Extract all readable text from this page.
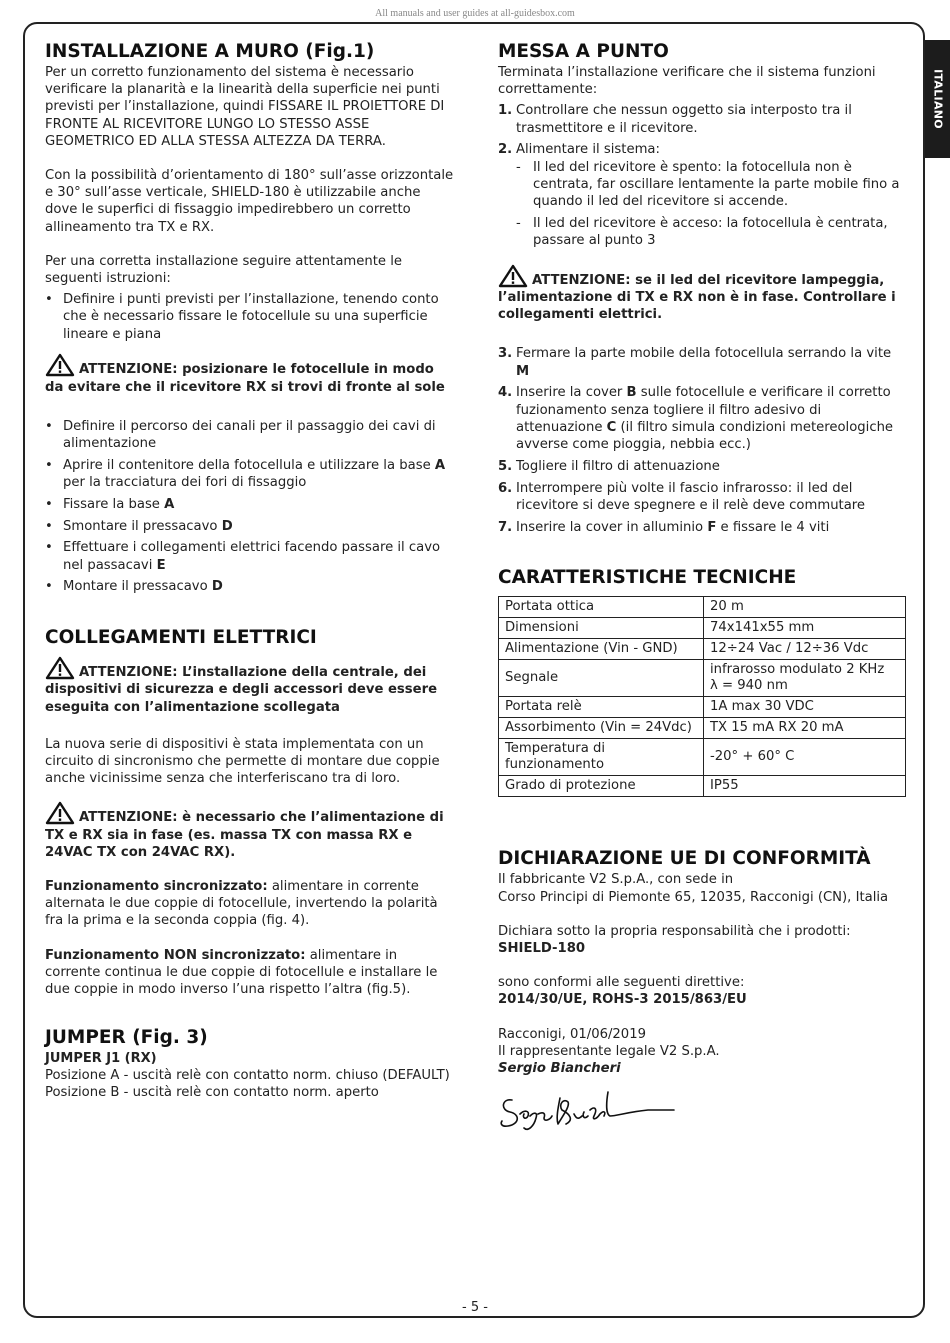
All manuals and user guides at all-guidesbox.com
ITALIANO
INSTALLAZIONE A MURO (Fig.1)

Per un corretto funzionamento del sistema è necessario verificare la planarità e la linearità della superficie nei punti previsti per l’installazione, quindi FISSARE IL PROIETTORE DI FRONTE AL RICEVITORE LUNGO LO STESSO ASSE GEOMETRICO ED ALLA STESSA ALTEZZA DA TERRA.

Con la possibilità d’orientamento di 180° sull’asse orizzontale e 30° sull’asse verticale, SHIELD-180 è utilizzabile anche dove le superfici di fissaggio impedirebbero un corretto allineamento tra TX e RX.

Per una corretta installazione seguire attentamente le seguenti istruzioni:

• Definire i punti previsti per l’installazione, tenendo conto che è necessario fissare le fotocellule su una superficie lineare e piana

ATTENZIONE: posizionare le fotocellule in modo da evitare che il ricevitore RX si trovi di fronte al sole

• Definire il percorso dei canali per il passaggio dei cavi di alimentazione
• Aprire il contenitore della fotocellula e utilizzare la base A per la tracciatura dei fori di fissaggio
• Fissare la base A
• Smontare il pressacavo D
• Effettuare i collegamenti elettrici facendo passare il cavo nel passacavi E
• Montare il pressacavo D
COLLEGAMENTI ELETTRICI

ATTENZIONE: L’installazione della centrale, dei dispositivi di sicurezza e degli accessori deve essere eseguita con l’alimentazione scollegata

La nuova serie di dispositivi è stata implementata con un circuito di sincronismo che permette di montare due coppie anche vicinissime senza che interferiscano tra di loro.

ATTENZIONE: è necessario che l’alimentazione di TX e RX sia in fase (es. massa TX con massa RX e 24VAC TX con 24VAC RX).

Funzionamento sincronizzato: alimentare in corrente alternata le due coppie di fotocellule, invertendo la polarità fra la prima e la seconda coppia (fig. 4).

Funzionamento NON sincronizzato: alimentare in corrente continua le due coppie di fotocellule e installare le due coppie in modo inverso l’una rispetto l’altra (fig.5).

JUMPER (Fig. 3)
JUMPER J1 (RX)

Posizione A - uscità relè con contatto norm. chiuso (DEFAULT)

Posizione B - uscità relè con contatto norm. aperto

MESSA A PUNTO

Terminata l’installazione verificare che il sistema funzioni correttamente:

1. Controllare che nessun oggetto sia interposto tra il trasmettitore e il ricevitore.
2. Alimentare il sistema:
- Il led del ricevitore è spento: la fotocellula non è centrata, far oscillare lentamente la parte mobile fino a quando il led del ricevitore si accende.
- Il led del ricevitore è acceso: la fotocellula è centrata, passare al punto 3

ATTENZIONE: se il led del ricevitore lampeggia, l’alimentazione di TX e RX non è in fase. Controllare i collegamenti elettrici.

3. Fermare la parte mobile della fotocellula serrando la vite M
4. Inserire la cover B sulle fotocellule e verificare il corretto fuzionamento senza togliere il filtro adesivo di attenuazione C (il filtro simula condizioni metereologiche avverse come pioggia, nebbia ecc.)
5. Togliere il filtro di attenuazione
6. Interrompere più volte il fascio infrarosso: il led del ricevitore si deve spegnere e il relè deve commutare
7. Inserire la cover in alluminio F e fissare le 4 viti
CARATTERISTICHE TECNICHE
Portata ottica	20 m
Dimensioni	74x141x55 mm
Alimentazione (Vin - GND)	12÷24 Vac / 12÷36 Vdc
Segnale	infrarosso modulato 2 KHz
λ = 940 nm

Portata relè	1A max 30 VDC
Assorbimento (Vin = 24Vdc)	TX 15 mA RX 20 mA
Temperatura di funzionamento	-20° + 60° C
Grado di protezione	IP55
DICHIARAZIONE UE DI CONFORMITÀ

Il fabbricante V2 S.p.A., con sede in

Corso Principi di Piemonte 65, 12035, Racconigi (CN), Italia

Dichiara sotto la propria responsabilità che i prodotti:

SHIELD-180

sono conformi alle seguenti direttive:

2014/30/UE, ROHS-3 2015/863/EU

Racconigi, 01/06/2019

Il rappresentante legale V2 S.p.A.

Sergio Biancheri

- 5 -
